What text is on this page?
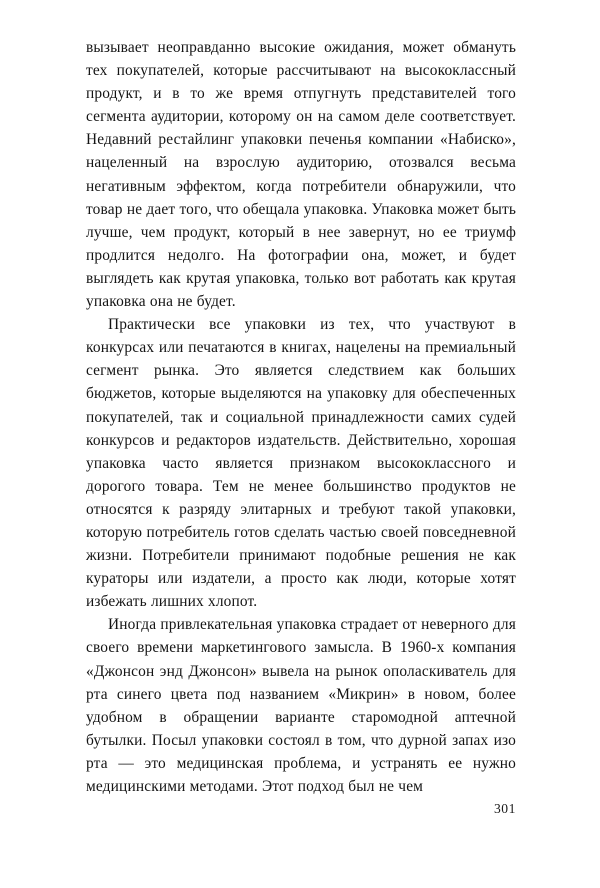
вызывает неоправданно высокие ожидания, может обмануть тех покупателей, которые рассчитывают на высококлассный продукт, и в то же время отпугнуть представителей того сегмента аудитории, которому он на самом деле соответствует. Недавний рестайлинг упаковки печенья компании «Набиско», нацеленный на взрослую аудиторию, отозвался весьма негативным эффектом, когда потребители обнаружили, что товар не дает того, что обещала упаковка. Упаковка может быть лучше, чем продукт, который в нее завернут, но ее триумф продлится недолго. На фотографии она, может, и будет выглядеть как крутая упаковка, только вот работать как крутая упаковка она не будет.

Практически все упаковки из тех, что участвуют в конкурсах или печатаются в книгах, нацелены на премиальный сегмент рынка. Это является следствием как больших бюджетов, которые выделяются на упаковку для обеспеченных покупателей, так и социальной принадлежности самих судей конкурсов и редакторов издательств. Действительно, хорошая упаковка часто является признаком высококлассного и дорогого товара. Тем не менее большинство продуктов не относятся к разряду элитарных и требуют такой упаковки, которую потребитель готов сделать частью своей повседневной жизни. Потребители принимают подобные решения не как кураторы или издатели, а просто как люди, которые хотят избежать лишних хлопот.

Иногда привлекательная упаковка страдает от неверного для своего времени маркетингового замысла. В 1960-х компания «Джонсон энд Джонсон» вывела на рынок ополаскиватель для рта синего цвета под названием «Микрин» в новом, более удобном в обращении варианте старомодной аптечной бутылки. Посыл упаковки состоял в том, что дурной запах изо рта — это медицинская проблема, и устранять ее нужно медицинскими методами. Этот подход был не чем

301
